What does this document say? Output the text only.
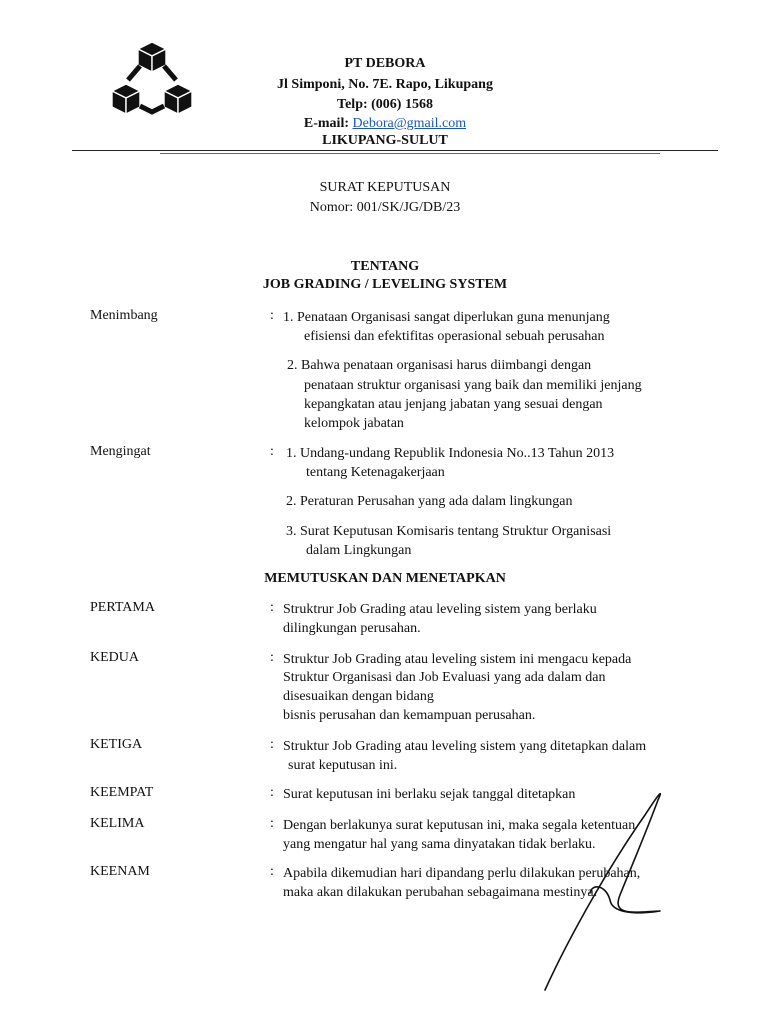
PT DEBORA
Jl Simponi, No. 7E. Rapo, Likupang
Telp: (006) 1568
E-mail: Debora@gmail.com
LIKUPANG-SULUT
SURAT KEPUTUSAN
Nomor: 001/SK/JG/DB/23
TENTANG
JOB GRADING / LEVELING SYSTEM
Menimbang	: 1. Penataan Organisasi sangat diperlukan guna menunjang
efisiensi dan efektifitas operasional sebuah perusahan
2. Bahwa penataan organisasi harus diimbangi dengan
penataan struktur organisasi yang baik dan memiliki jenjang
kepangkatan atau jenjang jabatan yang sesuai dengan
kelompok jabatan
Mengingat	: 1. Undang-undang Republik Indonesia No..13 Tahun 2013
tentang Ketenagakerjaan
2. Peraturan Perusahan yang ada dalam lingkungan
3. Surat Keputusan Komisaris tentang Struktur Organisasi
dalam Lingkungan
MEMUTUSKAN DAN MENETAPKAN
PERTAMA	: Struktrur Job Grading atau leveling sistem yang berlaku
dilingkungan perusahan.
KEDUA	: Struktur Job Grading atau leveling sistem ini mengacu kepada
Struktur Organisasi dan Job Evaluasi yang ada dalam dan
disesuaikan dengan bidang
bisnis perusahan dan kemampuan perusahan.
KETIGA	: Struktur Job Grading atau leveling sistem yang ditetapkan dalam
surat keputusan ini.
KEEMPAT	: Surat keputusan ini berlaku sejak tanggal ditetapkan
KELIMA	: Dengan berlakunya surat keputusan ini, maka segala ketentuan
yang mengatur hal yang sama dinyatakan tidak berlaku.
KEENAM	: Apabila dikemudian hari dipandang perlu dilakukan perubahan,
maka akan dilakukan perubahan sebagaimana mestinya.
